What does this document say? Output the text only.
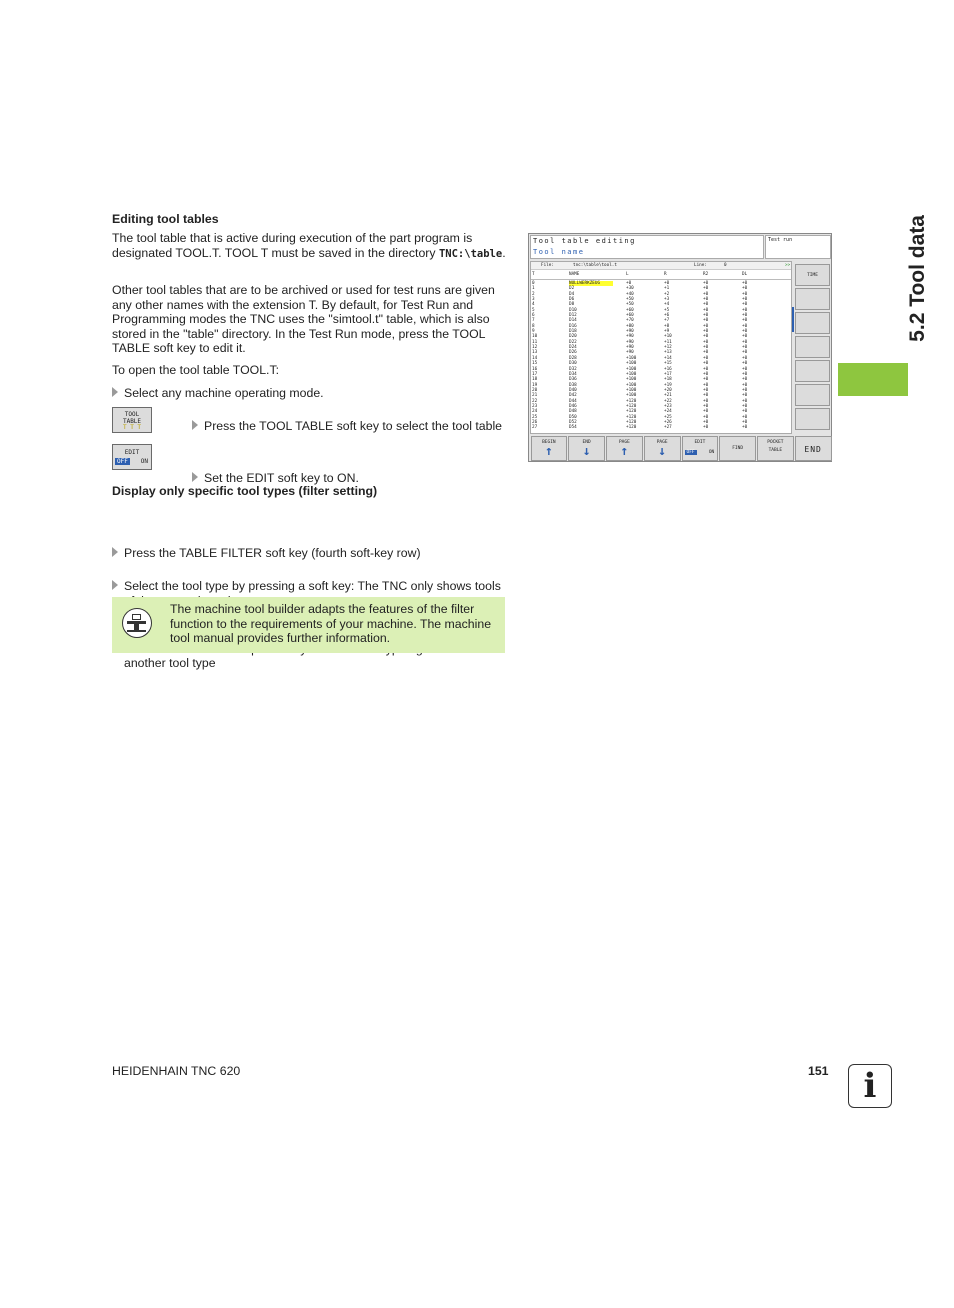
5.2 Tool data
Editing tool tables
The tool table that is active during execution of the part program is designated TOOL.T. TOOL T must be saved in the directory TNC:\table.
Other tool tables that are to be archived or used for test runs are given any other names with the extension T. By default, for Test Run and Programming modes the TNC uses the "simtool.t" table, which is also stored in the "table" directory. In the Test Run mode, press the TOOL TABLE soft key to edit it.
To open the tool table TOOL.T:
Select any machine operating mode.
TOOL
TABLE
T T T	Press the TOOL TABLE soft key to select the tool table
EDIT
OFF	ON
Set the EDIT soft key to ON.
Display only specific tool types (filter setting)
Press the TABLE FILTER soft key (fourth soft-key row)
Select the tool type by pressing a soft key: The TNC only shows tools
another tool type
The machine tool builder adapts the features of the filter function to the requirements of your machine. The machine tool manual provides further information.
Tool table editing
Tool name
Test run
File:	tnc:\table\tool.t	Line:	0	>>
T	NAME	L	R	R2	DL
0	NULLWERKZEUG	+0	+0	+0	+0
1	D2	+30	+1	+0	+0
2	D4	+40	+2	+0	+0
3	D6	+50	+3	+0	+0
4	D8	+50	+4	+0	+0
5	D10	+60	+5	+0	+0
6	D12	+60	+6	+0	+0
7	D14	+70	+7	+0	+0
8	D16	+80	+8	+0	+0
9	D18	+90	+9	+0	+0
10	D20	+90	+10	+0	+0
11	D22	+90	+11	+0	+0
12	D24	+90	+12	+0	+0
13	D26	+90	+13	+0	+0
14	D28	+100	+14	+0	+0
15	D30	+100	+15	+0	+0
16	D32	+100	+16	+0	+0
17	D34	+100	+17	+0	+0
18	D36	+100	+18	+0	+0
19	D38	+100	+19	+0	+0
20	D40	+100	+20	+0	+0
21	D42	+100	+21	+0	+0
22	D44	+120	+22	+0	+0
23	D46	+120	+23	+0	+0
24	D48	+120	+24	+0	+0
25	D50	+120	+25	+0	+0
26	D52	+120	+26	+0	+0
27	D54	+120	+27	+0	+0
TIME
BEGIN
↑
END
↓
PAGE
↑
PAGE
↓
EDIT
OFF	ON
FIND
POCKET
TABLE	END
HEIDENHAIN TNC 620	151	i
